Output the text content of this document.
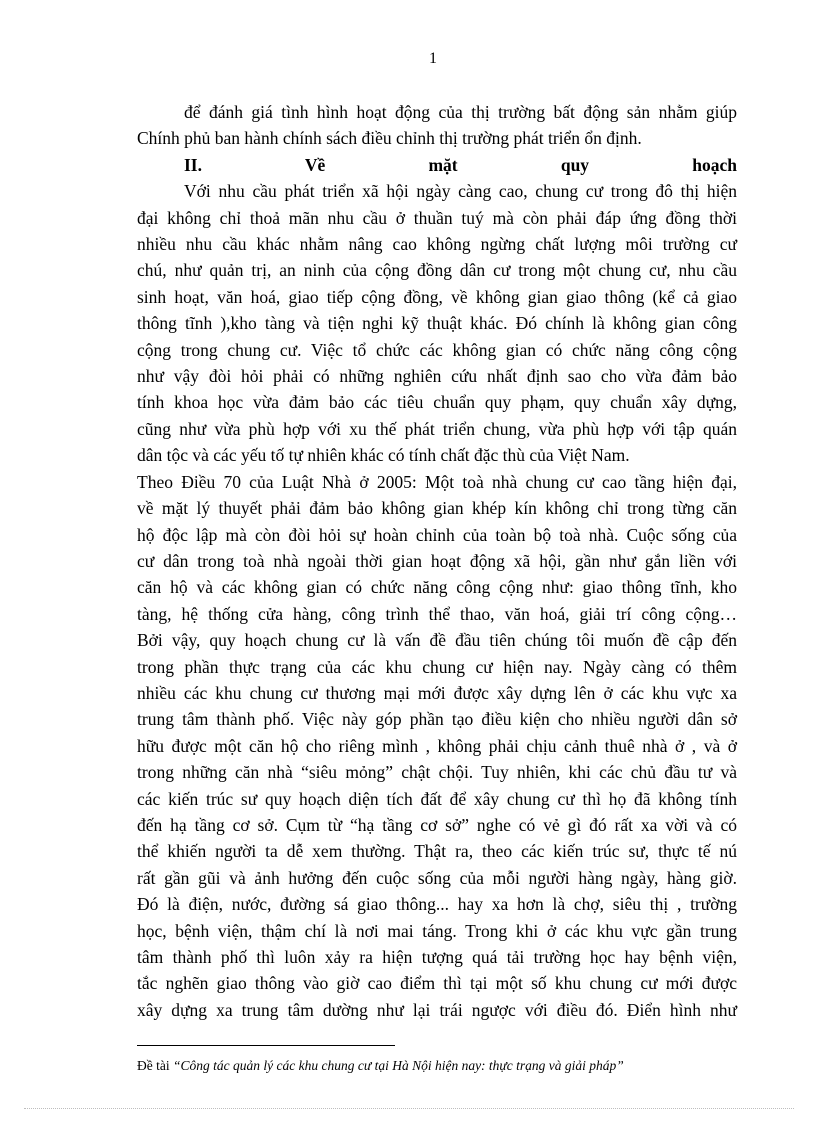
1
để đánh giá tình hình hoạt động của thị trường bất động sản nhằm giúp
Chính phủ ban hành chính sách điều chỉnh thị trường phát triển ổn định.
II. Về mặt quy hoạch
Với nhu cầu phát triển xã hội ngày càng cao, chung cư trong đô thị hiện
đại không chỉ thoả mãn nhu cầu ở thuần tuý mà còn phải đáp ứng đồng thời
nhiều nhu cầu khác nhằm nâng cao không ngừng chất lượng môi trường cư
chú, như quản trị, an ninh của cộng đồng dân cư trong một chung cư, nhu cầu
sinh hoạt, văn hoá, giao tiếp cộng đồng, về không gian giao thông (kể cả giao
thông tĩnh ),kho tàng và tiện nghi kỹ thuật khác. Đó chính là không gian công
cộng trong chung cư. Việc tổ chức các không gian có chức năng công cộng
như vậy đòi hỏi phải có những nghiên cứu nhất định sao cho vừa đảm bảo
tính khoa học vừa đảm bảo các tiêu chuẩn quy phạm, quy chuẩn xây dựng,
cũng như vừa phù hợp với xu thế phát triển chung, vừa phù hợp với tập quán
dân tộc và các yếu tố tự nhiên khác có tính chất đặc thù của Việt Nam.
Theo Điều 70 của Luật Nhà ở 2005: Một toà nhà chung cư cao tầng hiện đại,
về mặt lý thuyết phải đảm bảo không gian khép kín không chỉ trong từng căn
hộ độc lập mà còn đòi hỏi sự hoàn chỉnh của toàn bộ toà nhà. Cuộc sống của
cư dân trong toà nhà ngoài thời gian hoạt động xã hội, gần như gắn liền với
căn hộ và các không gian có chức năng công cộng như: giao thông tĩnh, kho
tàng, hệ thống cửa hàng, công trình thể thao, văn hoá, giải trí công cộng…
Bởi vậy, quy hoạch chung cư là vấn đề đầu tiên chúng tôi muốn đề cập đến
trong phần thực trạng của các khu chung cư hiện nay. Ngày càng có thêm
nhiều các khu chung cư thương mại mới được xây dựng lên ở các khu vực xa
trung tâm thành phố. Việc này góp phần tạo điều kiện cho nhiều người dân sở
hữu được một căn hộ cho riêng mình , không phải chịu cảnh thuê nhà ở , và ở
trong những căn nhà “siêu mỏng” chật chội. Tuy nhiên, khi các chủ đầu tư và
các kiến trúc sư quy hoạch diện tích đất để xây chung cư thì họ đã không tính
đến hạ tầng cơ sở. Cụm từ “hạ tầng cơ sở” nghe có vẻ gì đó rất xa vời và có
thể khiến người ta dễ xem thường. Thật ra, theo các kiến trúc sư, thực tế nú
rất gần gũi và ảnh hưởng đến cuộc sống của mỗi người hàng ngày, hàng giờ.
Đó là điện, nước, đường sá giao thông... hay xa hơn là chợ, siêu thị , trường
học, bệnh viện, thậm chí là nơi mai táng. Trong khi ở các khu vực gần trung
tâm thành phố thì luôn xảy ra hiện tượng quá tải trường học hay bệnh viện,
tắc nghẽn giao thông vào giờ cao điểm thì tại một số khu chung cư mới được
xây dựng xa trung tâm dường như lại trái ngược với điều đó. Điển hình như
Đề tài “Công tác quản lý các khu chung cư tại Hà Nội hiện nay: thực trạng và giải pháp”
